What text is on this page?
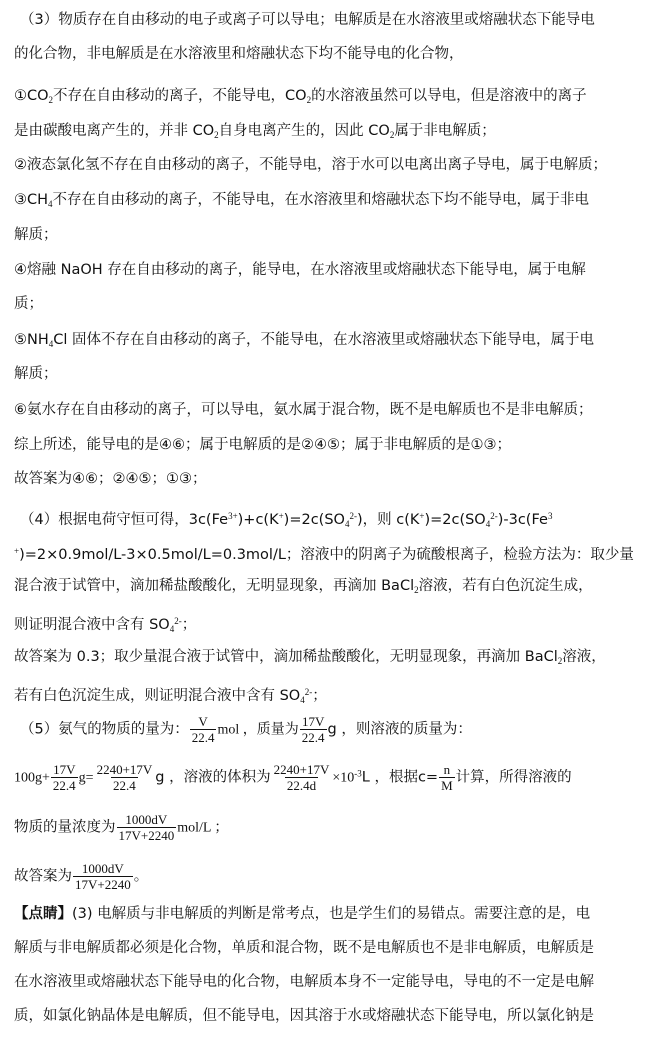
（3）物质存在自由移动的电子或离子可以导电；电解质是在水溶液里或熔融状态下能导电
的化合物，非电解质是在水溶液里和熔融状态下均不能导电的化合物，
$①CO_2$不存在自由移动的离子，不能导电，$CO_2$的水溶液虽然可以导电，但是溶液中的离子
是由碳酸电离产生的，并非 $CO_2$自身电离产生的，因此 $CO_2$属于非电解质；
②液态氯化氢不存在自由移动的离子，不能导电，溶于水可以电离出离子导电，属于电解质；
$③CH_4$不存在自由移动的离子，不能导电，在水溶液里和熔融状态下均不能导电，属于非电
解质；
④熔融 NaOH 存在自由移动的离子，能导电，在水溶液里或熔融状态下能导电，属于电解
质；
$⑤NH_4Cl$ 固体不存在自由移动的离子，不能导电，在水溶液里或熔融状态下能导电，属于电
解质；
⑥氨水存在自由移动的离子，可以导电，氨水属于混合物，既不是电解质也不是非电解质；
综上所述，能导电的是④⑥；属于电解质的是②④⑤；属于非电解质的是①③；
故答案为④⑥；②④⑤；①③；
（4）根据电荷守恒可得，$3c(Fe^{3+})+c(K^+)=2c(SO_4^{2-})$，则 $c(K^+)=2c(SO_4^{2-})-3c(Fe^3$
+)=2×0.9mol/L-3×0.5mol/L=0.3mol/L；溶液中的阴离子为硫酸根离子，检验方法为：取少量
混合液于试管中，滴加稀盐酸酸化，无明显现象，再滴加 BaCl$_2$溶液，若有白色沉淀生成，
则证明混合液中含有 $SO_4^{2-}$；
故答案为 0.3；取少量混合液于试管中，滴加稀盐酸酸化，无明显现象，再滴加 BaCl$_2$溶液，
若有白色沉淀生成，则证明混合液中含有 $SO_4^{2-}$；
（5）氨气的物质的量为： $\frac{V}{22.4}$ mol ，质量为 $\frac{17V}{22.4}$ g ，则溶液的质量为：
$100g+ \frac{17V}{22.4} g= \frac{2240+17V}{22.4}$ g ，溶液的体积为 $\frac{2240+17V}{22.4d} \times 10^{-3}L$ ，根据$c= \frac{n}{M}$ 计算，所得溶液的
物质的量浓度为 $\frac{1000dV}{17V+2240} mol/L$ ；
故答案为 $\frac{1000dV}{17V+2240}$ 。
【点睛】(3) 电解质与非电解质的判断是常考点，也是学生们的易错点。需要注意的是，电
解质与非电解质都必须是化合物，单质和混合物，既不是电解质也不是非电解质，电解质是
在水溶液里或熔融状态下能导电的化合物，电解质本身不一定能导电，导电的不一定是电解
质，如氯化钠晶体是电解质，但不能导电，因其溶于水或熔融状态下能导电，所以氯化钠是
